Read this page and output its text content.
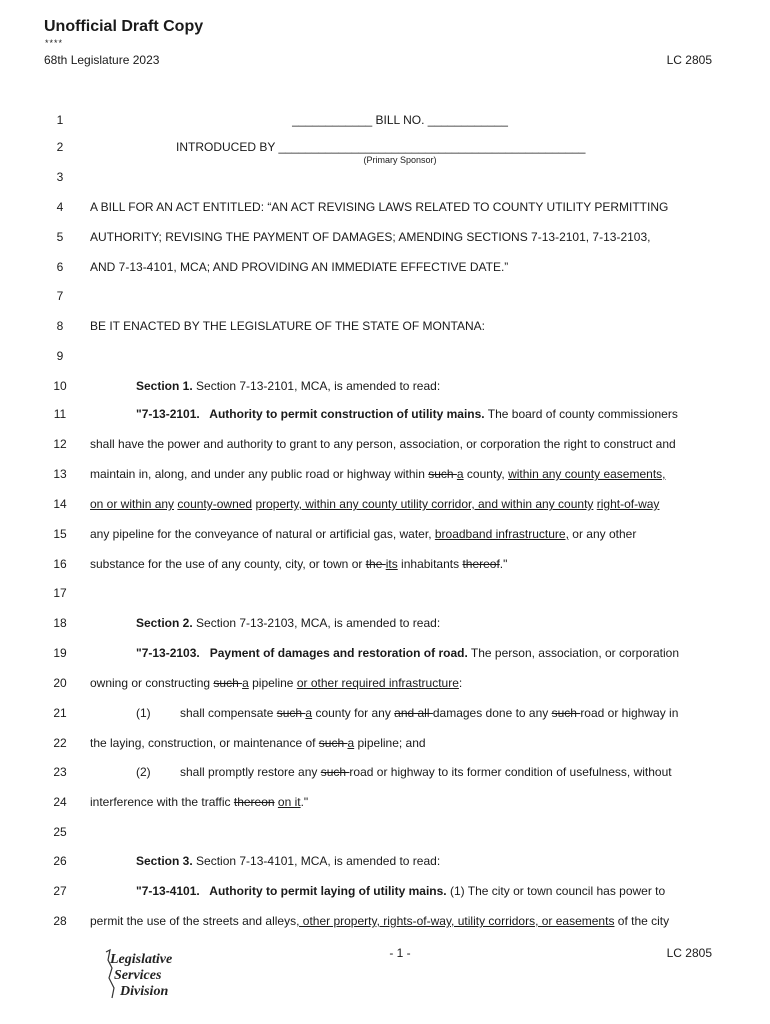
Unofficial Draft Copy
****
68th Legislature 2023	LC 2805
1	____________ BILL NO. ____________
2	INTRODUCED BY ______________________________________________
(Primary Sponsor)
3
4	A BILL FOR AN ACT ENTITLED: “AN ACT REVISING LAWS RELATED TO COUNTY UTILITY PERMITTING
5	AUTHORITY; REVISING THE PAYMENT OF DAMAGES; AMENDING SECTIONS 7-13-2101, 7-13-2103,
6	AND 7-13-4101, MCA; AND PROVIDING AN IMMEDIATE EFFECTIVE DATE.”
7
8	BE IT ENACTED BY THE LEGISLATURE OF THE STATE OF MONTANA:
9
10	Section 1. Section 7-13-2101, MCA, is amended to read:
11	"7-13-2101.   Authority to permit construction of utility mains. The board of county commissioners
12 shall have the power and authority to grant to any person, association, or corporation the right to construct and
13 maintain in, along, and under any public road or highway within such a county, within any county easements,
14 on or within any county-owned property, within any county utility corridor, and within any county right-of-way
15 any pipeline for the conveyance of natural or artificial gas, water, broadband infrastructure, or any other
16 substance for the use of any county, city, or town or the its inhabitants thereof."
17
18	Section 2. Section 7-13-2103, MCA, is amended to read:
19	"7-13-2103.   Payment of damages and restoration of road. The person, association, or corporation
20 owning or constructing such a pipeline or other required infrastructure:
21	(1) shall compensate such a county for any and all damages done to any such road or highway in
22 the laying, construction, or maintenance of such a pipeline; and
23	(2) shall promptly restore any such road or highway to its former condition of usefulness, without
24 interference with the traffic thereon on it."
25
26	Section 3. Section 7-13-4101, MCA, is amended to read:
27	"7-13-4101.   Authority to permit laying of utility mains. (1) The city or town council has power to
28 permit the use of the streets and alleys, other property, rights-of-way, utility corridors, or easements of the city
- 1 -	LC 2805
Legislative
Services
Division
